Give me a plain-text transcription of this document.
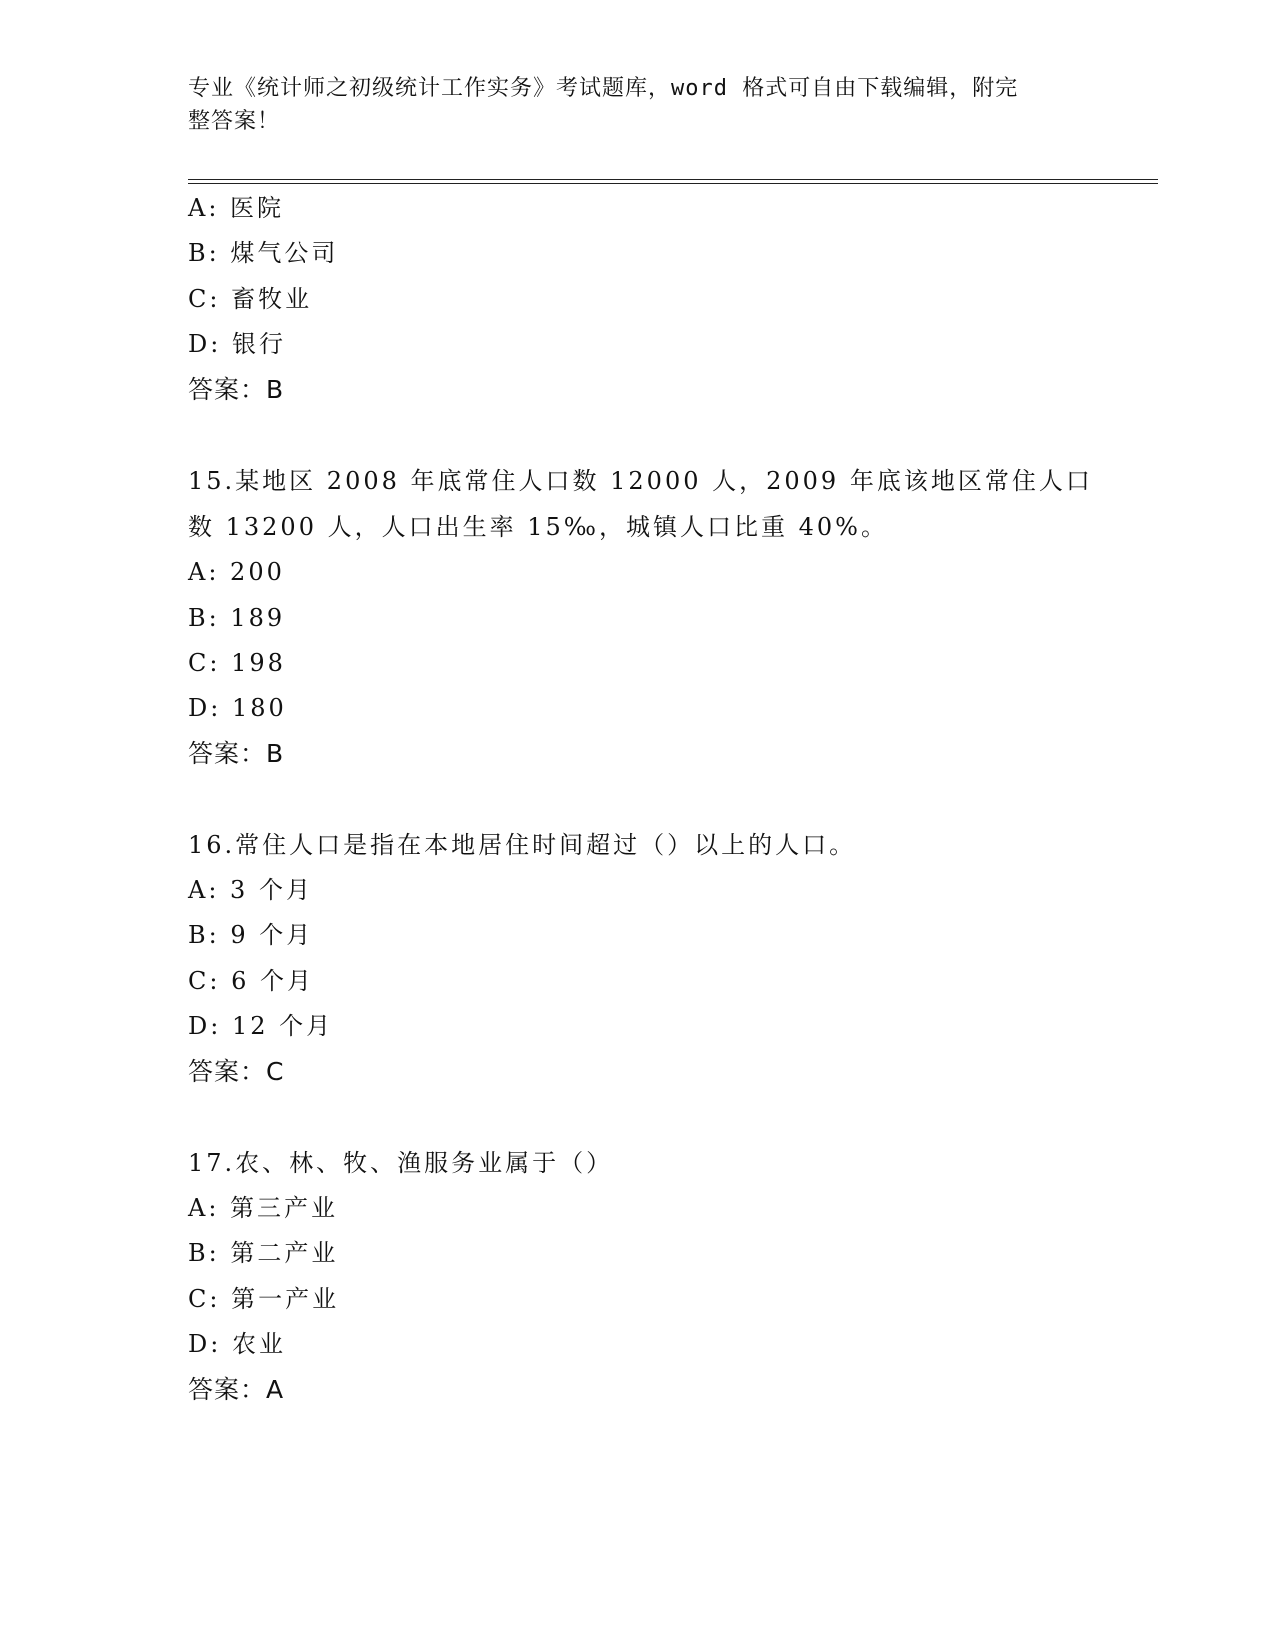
专业《统计师之初级统计工作实务》考试题库，word 格式可自由下载编辑，附完
整答案！
A: 医院
B: 煤气公司
C: 畜牧业
D: 银行
答案：B
15.某地区 2008 年底常住人口数 12000 人，2009 年底该地区常住人口
数 13200 人，人口出生率 15‰，城镇人口比重 40%。
A: 200
B: 189
C: 198
D: 180
答案：B
16.常住人口是指在本地居住时间超过（）以上的人口。
A: 3 个月
B: 9 个月
C: 6 个月
D: 12 个月
答案：C
17.农、林、牧、渔服务业属于（）
A: 第三产业
B: 第二产业
C: 第一产业
D: 农业
答案：A
